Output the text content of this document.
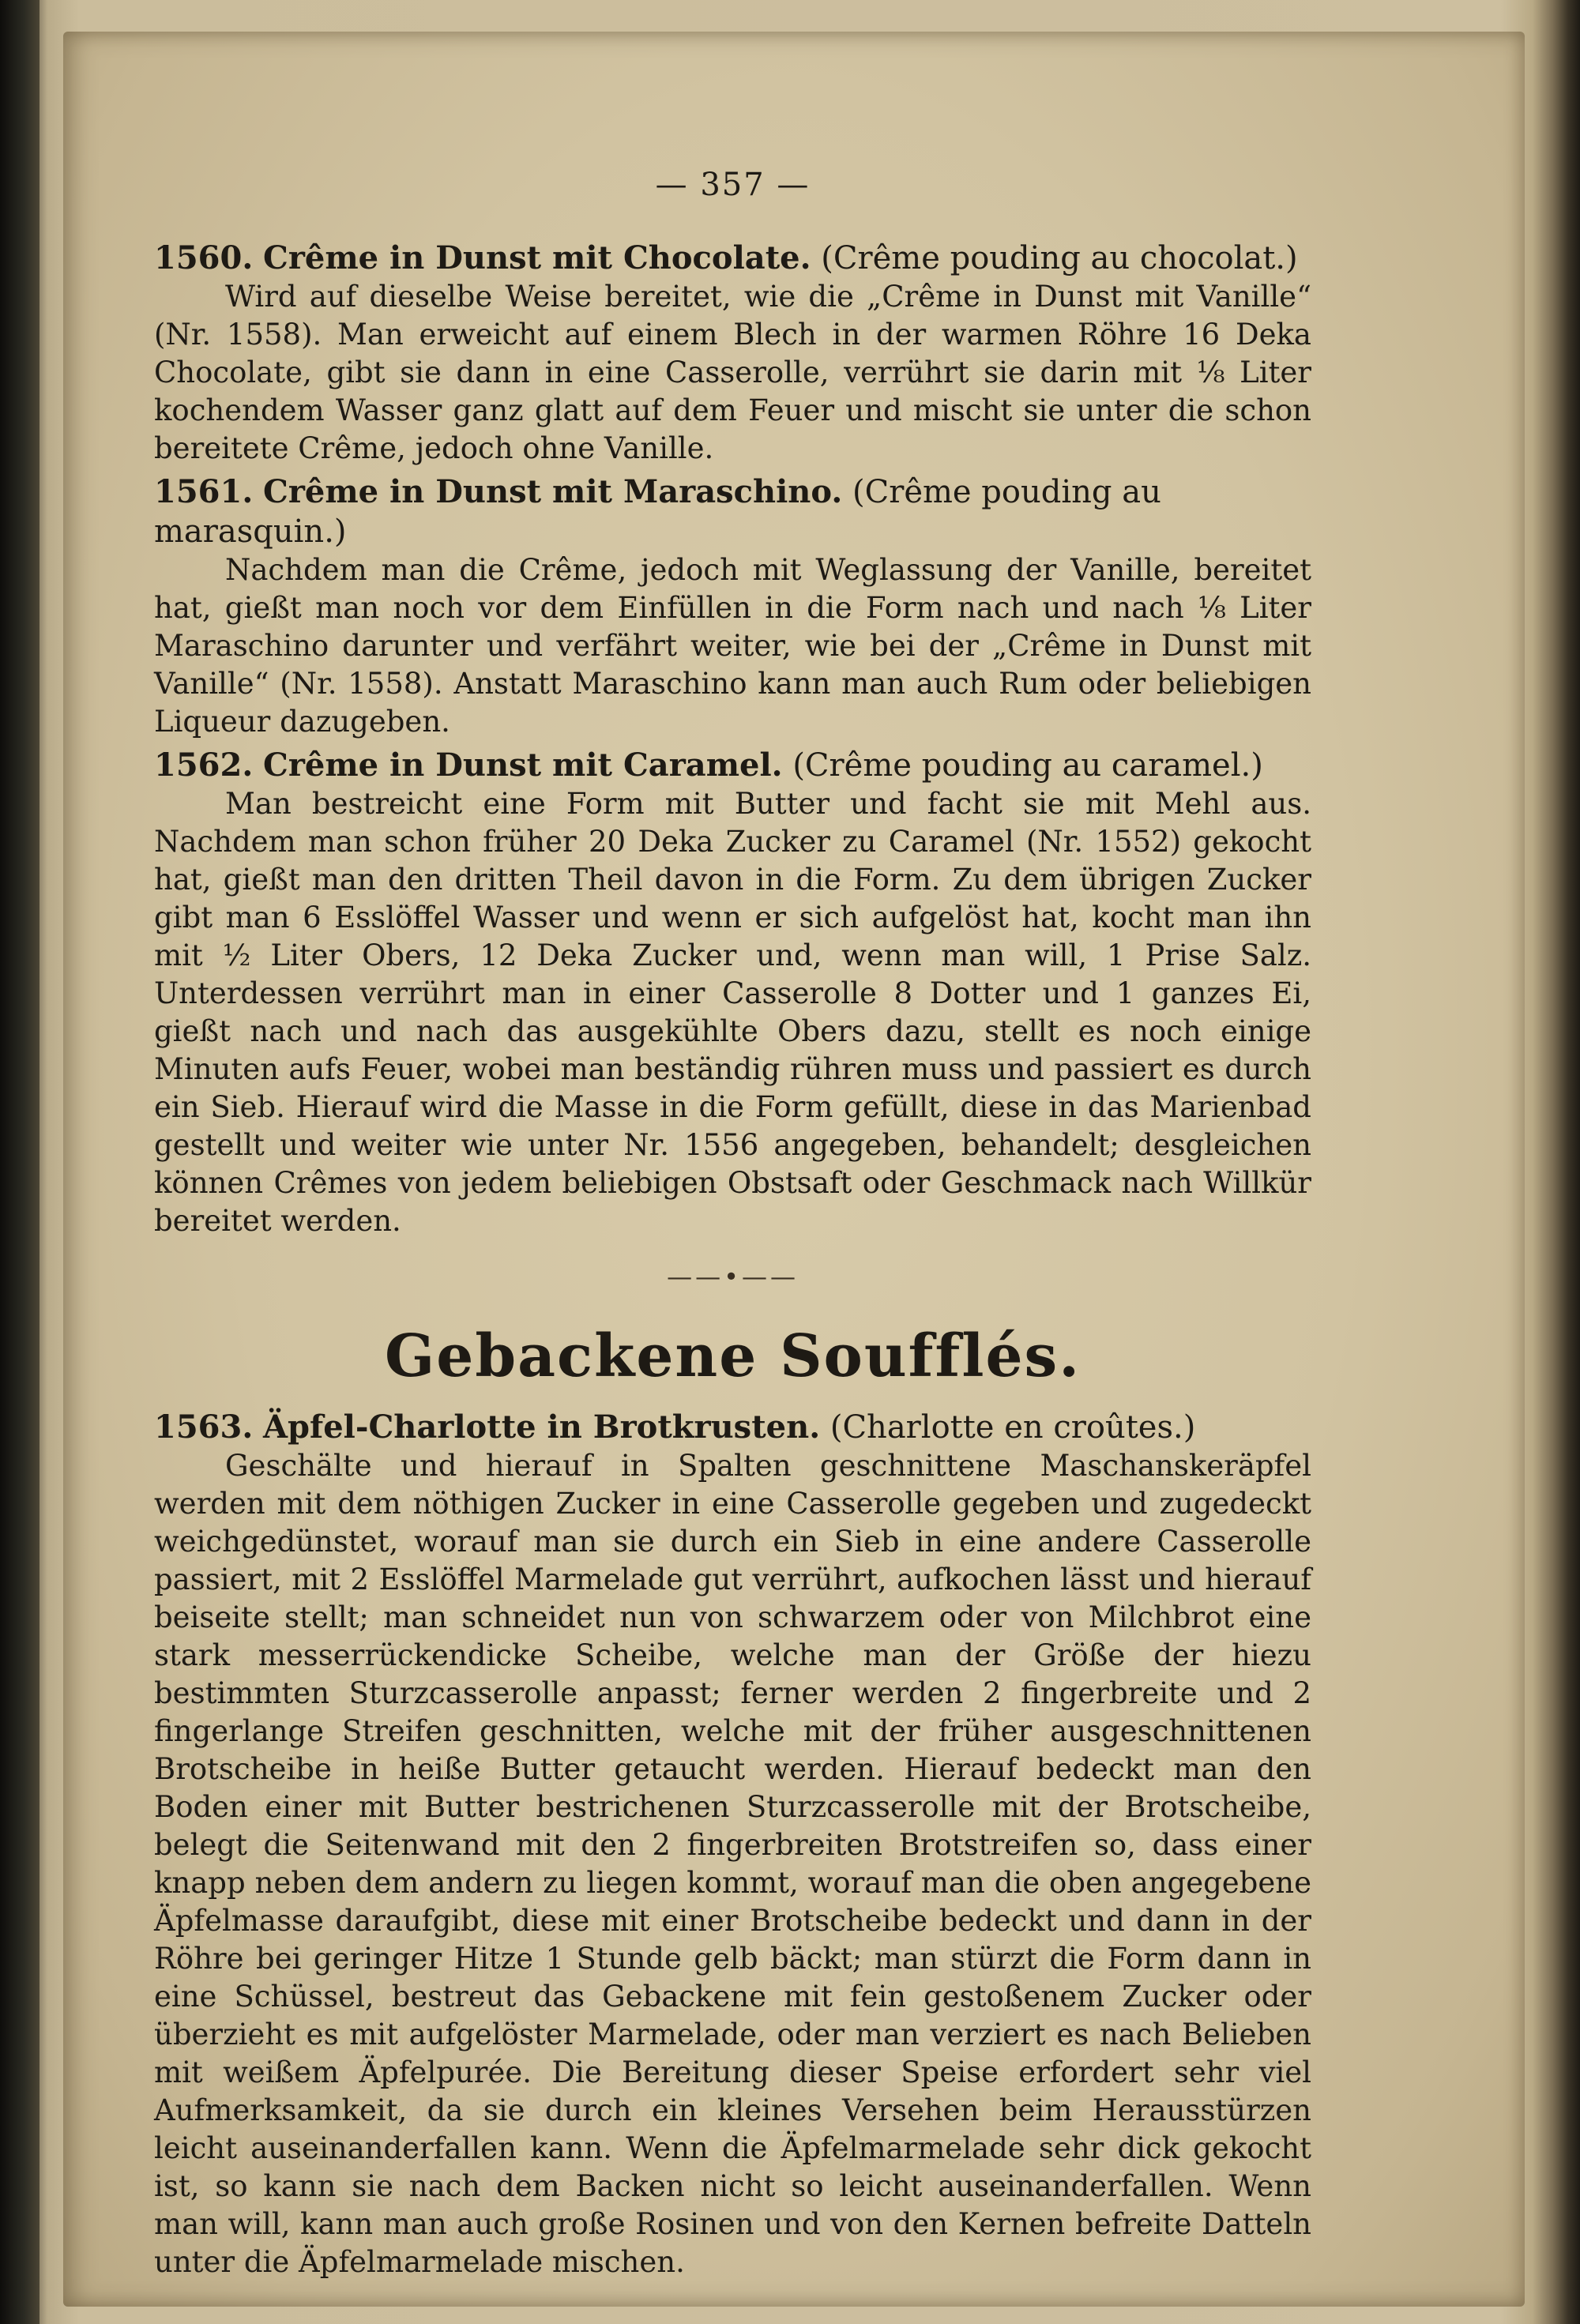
— 357 —

1560. Crême in Dunst mit Chocolate. (Crême pouding au chocolat.)

Wird auf dieselbe Weise bereitet, wie die „Crême in Dunst mit Vanille“ (Nr. 1558). Man erweicht auf einem Blech in der warmen Röhre 16 Deka Chocolate, gibt sie dann in eine Casserolle, verrührt sie darin mit ⅛ Liter kochendem Wasser ganz glatt auf dem Feuer und mischt sie unter die schon bereitete Crême, jedoch ohne Vanille.

1561. Crême in Dunst mit Maraschino. (Crême pouding au marasquin.)

Nachdem man die Crême, jedoch mit Weglassung der Vanille, bereitet hat, gießt man noch vor dem Einfüllen in die Form nach und nach ⅛ Liter Maraschino darunter und verfährt weiter, wie bei der „Crême in Dunst mit Vanille“ (Nr. 1558). Anstatt Maraschino kann man auch Rum oder beliebigen Liqueur dazugeben.

1562. Crême in Dunst mit Caramel. (Crême pouding au caramel.)

Man bestreicht eine Form mit Butter und facht sie mit Mehl aus. Nachdem man schon früher 20 Deka Zucker zu Caramel (Nr. 1552) gekocht hat, gießt man den dritten Theil davon in die Form. Zu dem übrigen Zucker gibt man 6 Esslöffel Wasser und wenn er sich aufgelöst hat, kocht man ihn mit ½ Liter Obers, 12 Deka Zucker und, wenn man will, 1 Prise Salz. Unterdessen verrührt man in einer Casserolle 8 Dotter und 1 ganzes Ei, gießt nach und nach das ausgekühlte Obers dazu, stellt es noch einige Minuten aufs Feuer, wobei man beständig rühren muss und passiert es durch ein Sieb. Hierauf wird die Masse in die Form gefüllt, diese in das Marienbad gestellt und weiter wie unter Nr. 1556 angegeben, behandelt; desgleichen können Crêmes von jedem beliebigen Obstsaft oder Geschmack nach Willkür bereitet werden.

——•——

Gebackene Soufflés.

1563. Äpfel-Charlotte in Brotkrusten. (Charlotte en croûtes.)

Geschälte und hierauf in Spalten geschnittene Maschanskeräpfel werden mit dem nöthigen Zucker in eine Casserolle gegeben und zugedeckt weichgedünstet, worauf man sie durch ein Sieb in eine andere Casserolle passiert, mit 2 Esslöffel Marmelade gut verrührt, aufkochen lässt und hierauf beiseite stellt; man schneidet nun von schwarzem oder von Milchbrot eine stark messerrückendicke Scheibe, welche man der Größe der hiezu bestimmten Sturzcasserolle anpasst; ferner werden 2 fingerbreite und 2 fingerlange Streifen geschnitten, welche mit der früher ausgeschnittenen Brotscheibe in heiße Butter getaucht werden. Hierauf bedeckt man den Boden einer mit Butter bestrichenen Sturzcasserolle mit der Brotscheibe, belegt die Seitenwand mit den 2 fingerbreiten Brotstreifen so, dass einer knapp neben dem andern zu liegen kommt, worauf man die oben angegebene Äpfelmasse daraufgibt, diese mit einer Brotscheibe bedeckt und dann in der Röhre bei geringer Hitze 1 Stunde gelb bäckt; man stürzt die Form dann in eine Schüssel, bestreut das Gebackene mit fein gestoßenem Zucker oder überzieht es mit aufgelöster Marmelade, oder man verziert es nach Belieben mit weißem Äpfelpurée. Die Bereitung dieser Speise erfordert sehr viel Aufmerksamkeit, da sie durch ein kleines Versehen beim Herausstürzen leicht auseinanderfallen kann. Wenn die Äpfelmarmelade sehr dick gekocht ist, so kann sie nach dem Backen nicht so leicht auseinanderfallen. Wenn man will, kann man auch große Rosinen und von den Kernen befreite Datteln unter die Äpfelmarmelade mischen.
